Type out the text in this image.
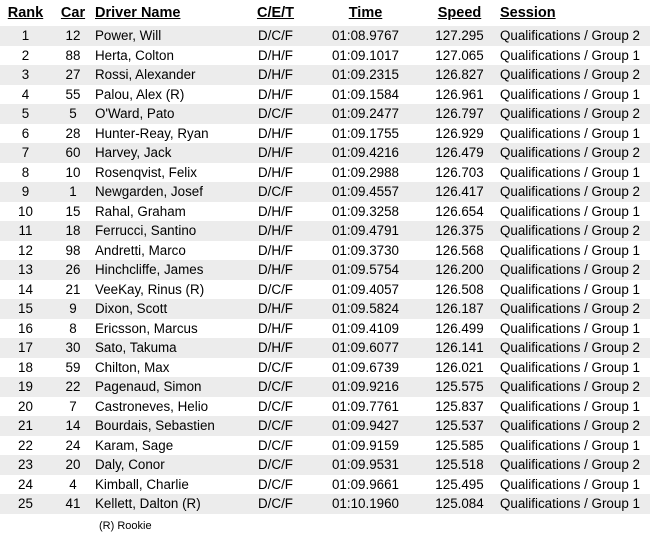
Rank	Car	Driver Name	C/E/T	Time	Speed	Session
1	12	Power, Will	D/C/F	01:08.9767	127.295	Qualifications / Group 2
2	88	Herta, Colton	D/H/F	01:09.1017	127.065	Qualifications / Group 1
3	27	Rossi, Alexander	D/H/F	01:09.2315	126.827	Qualifications / Group 2
4	55	Palou, Alex (R)	D/H/F	01:09.1584	126.961	Qualifications / Group 1
5	5	O'Ward, Pato	D/C/F	01:09.2477	126.797	Qualifications / Group 2
6	28	Hunter-Reay, Ryan	D/H/F	01:09.1755	126.929	Qualifications / Group 1
7	60	Harvey, Jack	D/H/F	01:09.4216	126.479	Qualifications / Group 2
8	10	Rosenqvist, Felix	D/H/F	01:09.2988	126.703	Qualifications / Group 1
9	1	Newgarden, Josef	D/C/F	01:09.4557	126.417	Qualifications / Group 2
10	15	Rahal, Graham	D/H/F	01:09.3258	126.654	Qualifications / Group 1
11	18	Ferrucci, Santino	D/H/F	01:09.4791	126.375	Qualifications / Group 2
12	98	Andretti, Marco	D/H/F	01:09.3730	126.568	Qualifications / Group 1
13	26	Hinchcliffe, James	D/H/F	01:09.5754	126.200	Qualifications / Group 2
14	21	VeeKay, Rinus (R)	D/C/F	01:09.4057	126.508	Qualifications / Group 1
15	9	Dixon, Scott	D/H/F	01:09.5824	126.187	Qualifications / Group 2
16	8	Ericsson, Marcus	D/H/F	01:09.4109	126.499	Qualifications / Group 1
17	30	Sato, Takuma	D/H/F	01:09.6077	126.141	Qualifications / Group 2
18	59	Chilton, Max	D/C/F	01:09.6739	126.021	Qualifications / Group 1
19	22	Pagenaud, Simon	D/C/F	01:09.9216	125.575	Qualifications / Group 2
20	7	Castroneves, Helio	D/C/F	01:09.7761	125.837	Qualifications / Group 1
21	14	Bourdais, Sebastien	D/C/F	01:09.9427	125.537	Qualifications / Group 2
22	24	Karam, Sage	D/C/F	01:09.9159	125.585	Qualifications / Group 1
23	20	Daly, Conor	D/C/F	01:09.9531	125.518	Qualifications / Group 2
24	4	Kimball, Charlie	D/C/F	01:09.9661	125.495	Qualifications / Group 1
25	41	Kellett, Dalton (R)	D/C/F	01:10.1960	125.084	Qualifications / Group 1
(R) Rookie
